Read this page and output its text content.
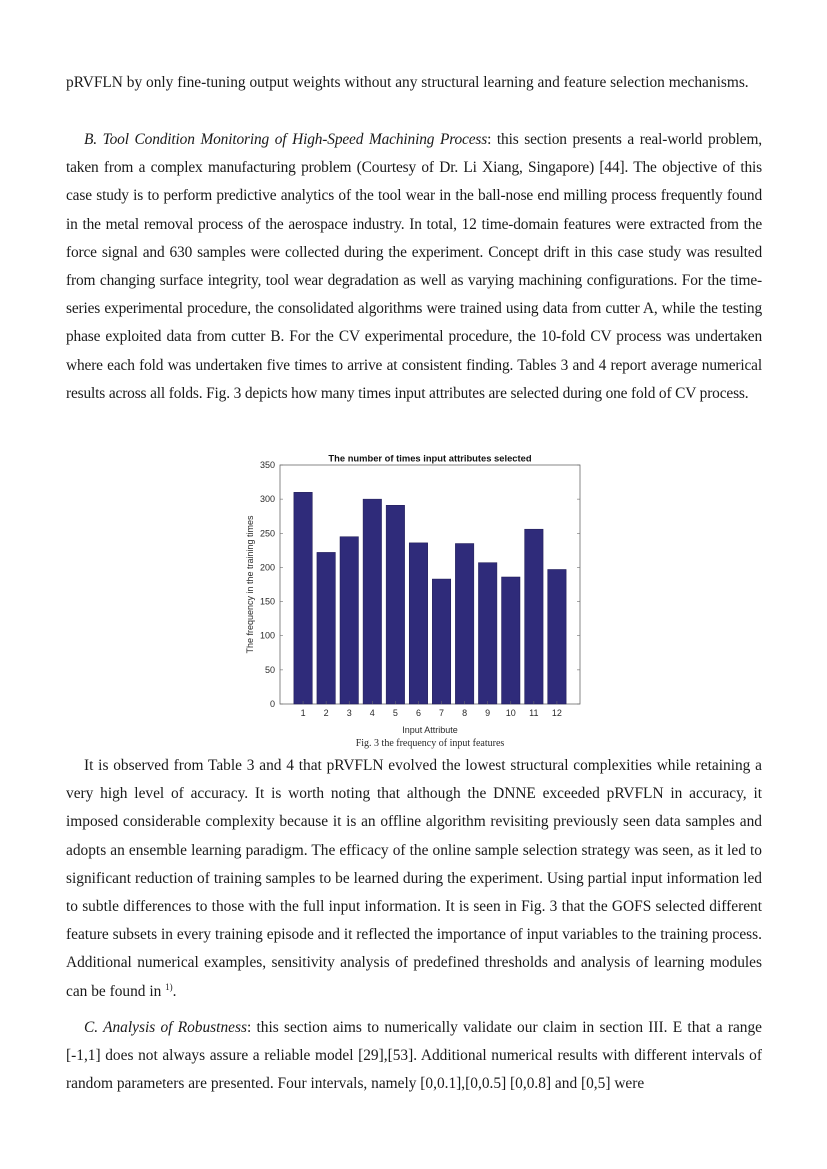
pRVFLN by only fine-tuning output weights without any structural learning and feature selection mechanisms.

B. Tool Condition Monitoring of High-Speed Machining Process: this section presents a real-world problem, taken from a complex manufacturing problem (Courtesy of Dr. Li Xiang, Singapore) [44]. The objective of this case study is to perform predictive analytics of the tool wear in the ball-nose end milling process frequently found in the metal removal process of the aerospace industry. In total, 12 time-domain features were extracted from the force signal and 630 samples were collected during the experiment. Concept drift in this case study was resulted from changing surface integrity, tool wear degradation as well as varying machining configurations. For the time-series experimental procedure, the consolidated algorithms were trained using data from cutter A, while the testing phase exploited data from cutter B. For the CV experimental procedure, the 10-fold CV process was undertaken where each fold was undertaken five times to arrive at consistent finding. Tables 3 and 4 report average numerical results across all folds. Fig. 3 depicts how many times input attributes are selected during one fold of CV process.

The number of times input attributes selected
0
50
100
150
200
250
300
350
1 2 3 4 5 6 7 8 9 10 11 12
Input Attribute
The frequency in the training times
Fig. 3 the frequency of input features

It is observed from Table 3 and 4 that pRVFLN evolved the lowest structural complexities while retaining a very high level of accuracy. It is worth noting that although the DNNE exceeded pRVFLN in accuracy, it imposed considerable complexity because it is an offline algorithm revisiting previously seen data samples and adopts an ensemble learning paradigm. The efficacy of the online sample selection strategy was seen, as it led to significant reduction of training samples to be learned during the experiment. Using partial input information led to subtle differences to those with the full input information. It is seen in Fig. 3 that the GOFS selected different feature subsets in every training episode and it reflected the importance of input variables to the training process. Additional numerical examples, sensitivity analysis of predefined thresholds and analysis of learning modules can be found in $^{1)}$.

C. Analysis of Robustness: this section aims to numerically validate our claim in section III. E that a range [-1,1] does not always assure a reliable model [29],[53]. Additional numerical results with different intervals of random parameters are presented. Four intervals, namely [0,0.1],[0,0.5] [0,0.8] and [0,5] were
